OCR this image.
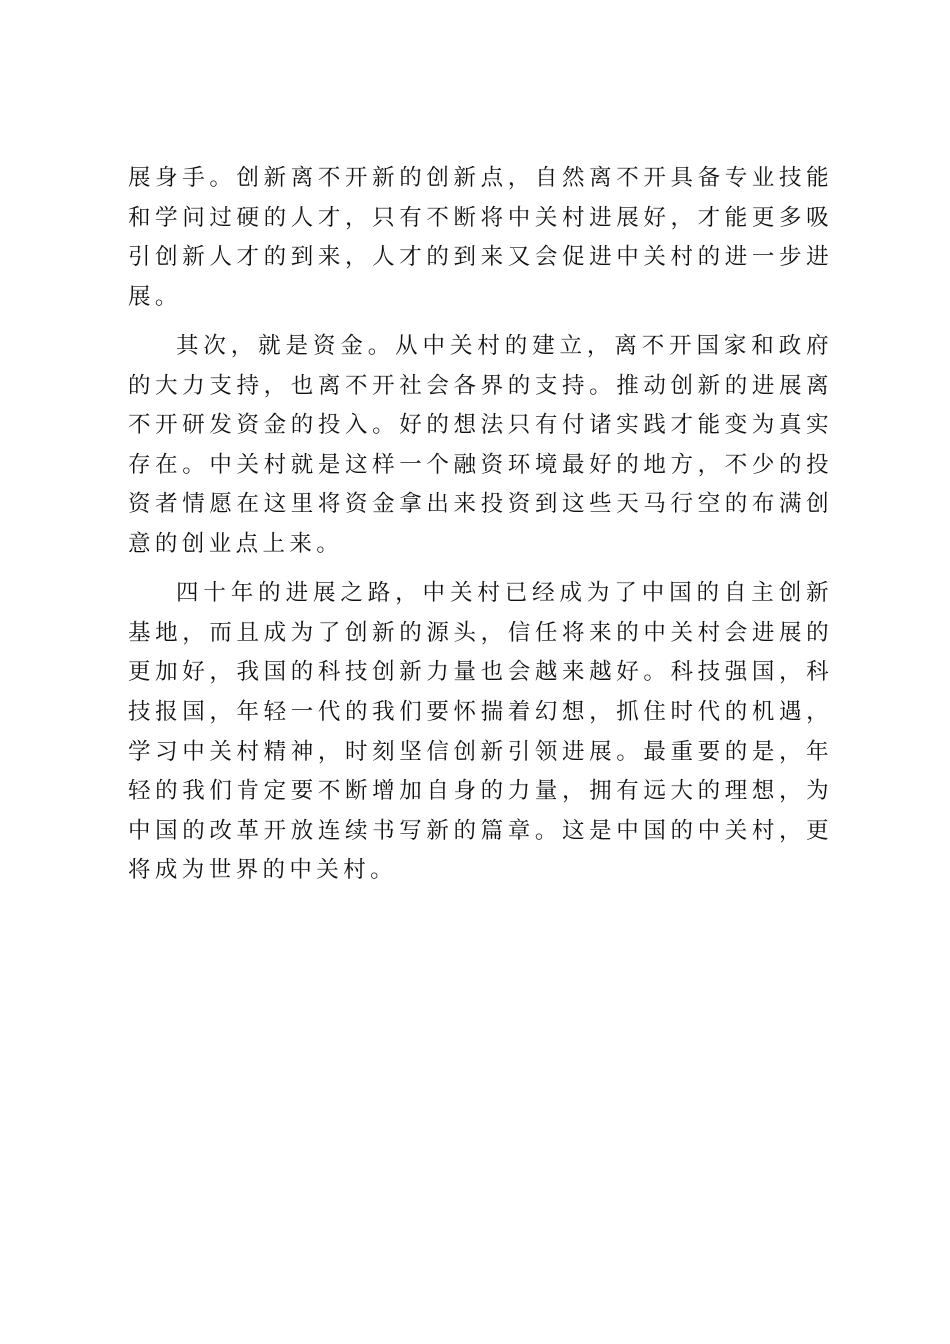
展身手。创新离不开新的创新点，自然离不开具备专业技能和学问过硬的人才，只有不断将中关村进展好，才能更多吸引创新人才的到来，人才的到来又会促进中关村的进一步进展。

其次，就是资金。从中关村的建立，离不开国家和政府的大力支持，也离不开社会各界的支持。推动创新的进展离不开研发资金的投入。好的想法只有付诸实践才能变为真实存在。中关村就是这样一个融资环境最好的地方，不少的投资者情愿在这里将资金拿出来投资到这些天马行空的布满创意的创业点上来。

四十年的进展之路，中关村已经成为了中国的自主创新基地，而且成为了创新的源头，信任将来的中关村会进展的更加好，我国的科技创新力量也会越来越好。科技强国，科技报国，年轻一代的我们要怀揣着幻想，抓住时代的机遇，学习中关村精神，时刻坚信创新引领进展。最重要的是，年轻的我们肯定要不断增加自身的力量，拥有远大的理想，为中国的改革开放连续书写新的篇章。这是中国的中关村，更将成为世界的中关村。
